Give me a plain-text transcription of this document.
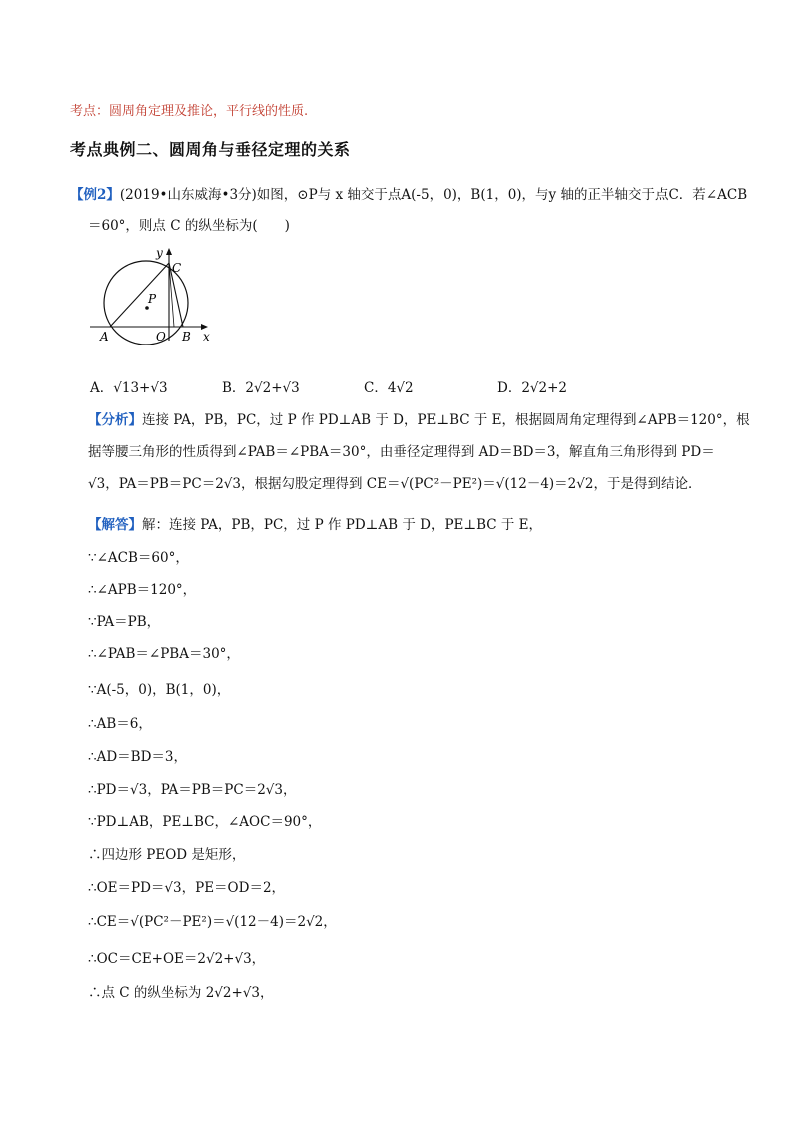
考点：圆周角定理及推论，平行线的性质.
考点典例二、圆周角与垂径定理的关系
【例2】(2019•山东威海•3分)如图，⊙P与 x 轴交于点A(-5，0)，B(1，0)，与y 轴的正半轴交于点C．若∠ACB
＝60°，则点 C 的纵坐标为(　　)
y
x
C
P
A	O B
A．√13+√3	B．2√2+√3	C．4√2	D．2√2+2
【分析】连接 PA，PB，PC，过 P 作 PD⊥AB 于 D，PE⊥BC 于 E，根据圆周角定理得到∠APB＝120°，根
据等腰三角形的性质得到∠PAB＝∠PBA＝30°，由垂径定理得到 AD＝BD＝3，解直角三角形得到 PD＝
√3，PA＝PB＝PC＝2√3，根据勾股定理得到 CE＝√(PC²－PE²)＝√(12－4)＝2√2，于是得到结论．
【解答】解：连接 PA，PB，PC，过 P 作 PD⊥AB 于 D，PE⊥BC 于 E，
∵∠ACB＝60°，
∴∠APB＝120°，
∵PA＝PB，
∴∠PAB＝∠PBA＝30°，
∵A(-5，0)，B(1，0)，
∴AB＝6，
∴AD＝BD＝3，
∴PD＝√3，PA＝PB＝PC＝2√3，
∵PD⊥AB，PE⊥BC，∠AOC＝90°，
∴四边形 PEOD 是矩形，
∴OE＝PD＝√3，PE＝OD＝2，
∴CE＝√(PC²－PE²)＝√(12－4)＝2√2，
∴OC＝CE+OE＝2√2+√3，
∴点 C 的纵坐标为 2√2+√3，
